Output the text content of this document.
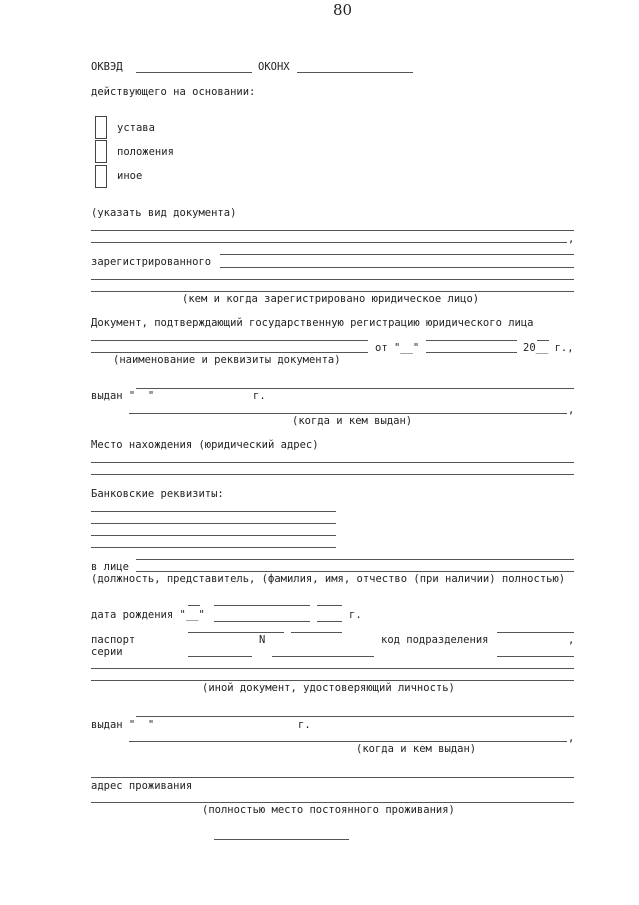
80
ОКВЭД	ОКОНХ
действующего на основании:
устава
положения
иное
(указать вид документа)
,
зарегистрированного
(кем и когда зарегистрировано юридическое лицо)
Документ, подтверждающий государственную регистрацию юридического лица
от "__"	20__ г.,
(наименование и реквизиты документа)
выдан "  "	г.
,
(когда и кем выдан)
Место нахождения (юридический адрес)
Банковские реквизиты:
в лице
(должность, представитель, (фамилия, имя, отчество (при наличии) полностью)
дата рождения "__"	г.
паспорт	N	код подразделения	,
серии
(иной документ, удостоверяющий личность)
выдан "  "	г.
,
(когда и кем выдан)
адрес проживания
(полностью место постоянного проживания)
